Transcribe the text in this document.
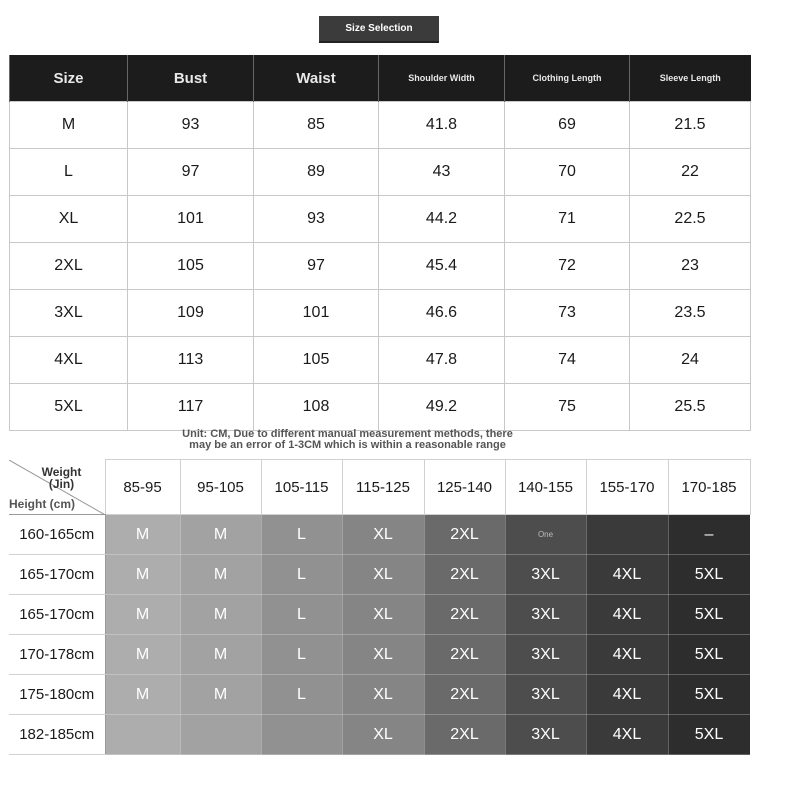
Size Selection
Size	Bust	Waist	Shoulder Width	Clothing Length	Sleeve Length
M	93	85	41.8	69	21.5
L	97	89	43	70	22
XL	101	93	44.2	71	22.5
2XL	105	97	45.4	72	23
3XL	109	101	46.6	73	23.5
4XL	113	105	47.8	74	24
5XL	117	108	49.2	75	25.5
Unit: CM, Due to different manual measurement methods, there
may be an error of 1-3CM which is within a reasonable range
Weight (Jin)
Height (cm)	85-95	95-105	105-115	115-125	125-140	140-155	155-170	170-185
160-165cm	M	M	L	XL	2XL	One		–
165-170cm	M	M	L	XL	2XL	3XL	4XL	5XL
165-170cm	M	M	L	XL	2XL	3XL	4XL	5XL
170-178cm	M	M	L	XL	2XL	3XL	4XL	5XL
175-180cm	M	M	L	XL	2XL	3XL	4XL	5XL
182-185cm				XL	2XL	3XL	4XL	5XL
